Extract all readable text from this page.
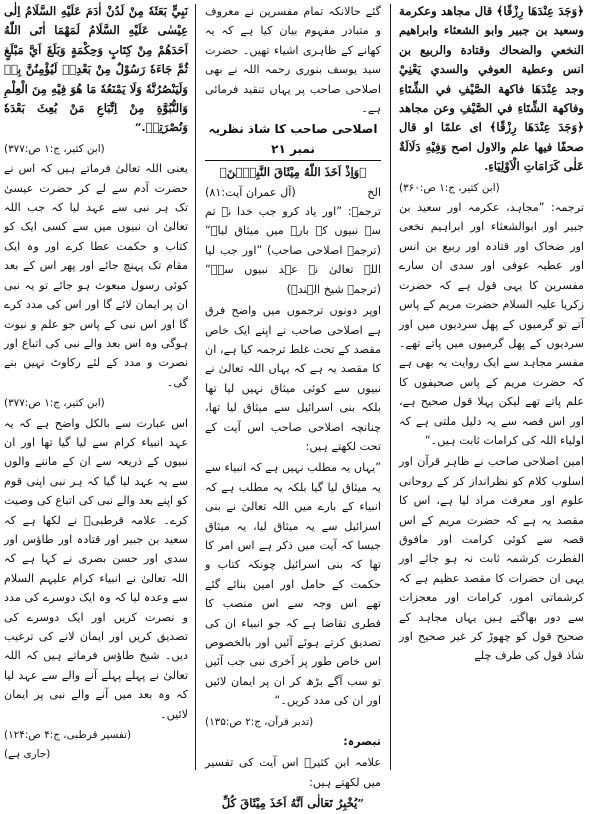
﴿وَجَدَ عِنْدَهَا رِزْقًا﴾ قال مجاهد وعكرمة وسعيد بن جبير وابو الشعثاء وابراهيم النخعي والضحاك وقتادة والربيع بن انس وعطية العوفي والسدي يَعْنِيْ وجد عِنْدَهَا فاكهة الصَّيْفِ في الشِّتَاءِ وفاكهة الشِّتَاءِ في الصَّيْفِ وعن مجاهد ﴿وَجَدَ عِنْدَهَا رِزْقًا﴾ اى علمًا او قال صحفًا فيها علم والاول اصح وَفِيْهِ دَلَالَةٌ عَلٰى كَرَامَاتِ الْاَوْلِيَاءِ.

(ابن کثیر، ج:۱ ص:۳۶۰)

ترجمہ: ”مجاہد، عکرمہ اور سعید بن جبیر اور ابوالشعثاء اور ابراہیم نخعی اور ضحاک اور قتادہ اور ربیع بن انس اور عطیہ عوفی اور سدی ان سارے مفسرین کا یہی قول ہے کہ حضرت زکریا علیہ السلام حضرت مریم کے پاس آتے تو گرمیوں کے پھل سردیوں میں اور سردیوں کے پھل گرمیوں میں پاتے تھے۔ مفسر مجاہد سے ایک روایت یہ بھی ہے کہ حضرت مریم کے پاس صحیفوں کا علم پاتے تھے لیکن پہلا قول صحیح ہے، اور اس قصہ سے یہ دلیل ملتی ہے کہ اولیاء اللہ کی کرامات ثابت ہیں۔“

امین اصلاحی صاحب نے ظاہر قرآن اور اسلوب کلام کو نظرانداز کر کے روحانی علوم اور معرفت مراد لیا ہے، اس کا مقصد یہ ہے کہ حضرت مریم کے اس قصہ سے کوئی کرامت اور مافوق الفطرت کرشمہ ثابت نہ ہو جائے اور یہی ان حضرات کا مقصد عظیم ہے کہ کرشماتی امور، کرامات اور معجزات سے دور بھاگتے ہیں یہاں مجاہد کے صحیح قول کو چھوڑ کر غیر صحیح اور شاذ قول کی طرف چلے

گئے حالانکہ تمام مفسرین نے معروف و متبادر مفہوم بیان کیا ہے کہ یہ کھانے کے ظاہری اشیاء تھیں۔ حضرت سید یوسف بنوری رحمہ اللہ نے بھی اصلاحی صاحب پر یہاں تنقید فرمائی ہے۔

اصلاحی صاحب کا شاذ نظریہ نمبر ۲۱
﴿وَاِذْ اَخَذَ اللّٰهُ مِيْثَاقَ النَّبِيّٖنَ﴾

الخ
(آل عمران آیت:۸۱)

ترجمہ: ”اور یاد کرو جب خدا نے تم سے نبیوں کے بارے میں میثاق لیا۔“ (ترجمہ اصلاحی صاحب) ”اور جب لیا اللہ تعالیٰ نے عہد نبیوں سے۔“ (ترجمہ شیخ الہندؒ)

اوپر دونوں ترجموں میں واضح فرق ہے اصلاحی صاحب نے اپنے ایک خاص مقصد کے تحت غلط ترجمہ کیا ہے، ان کا مقصد یہ ہے کہ یہاں اللہ تعالیٰ نے نبیوں سے کوئی میثاق نہیں لیا تھا بلکہ بنی اسرائیل سے میثاق لیا تھا، چنانچہ اصلاحی صاحب اس آیت کے تحت لکھتے ہیں:

”یہاں یہ مطلب نہیں ہے کہ انبیاء سے یہ میثاق لیا گیا بلکہ یہ مطلب ہے کہ انبیاء کے بارے میں اللہ تعالیٰ نے بنی اسرائیل سے یہ میثاق لیا، یہ میثاق جیسا کہ آیت میں ذکر ہے اس امر کا تھا کہ بنی اسرائیل چونکہ کتاب و حکمت کے حامل اور امین بنائے گئے تھے اس وجہ سے اس منصب کا فطری تقاضا ہے کہ جو انبیاء ان کی تصدیق کرتے ہوئے آئیں اور بالخصوص اس خاص طور پر آخری نبی جب آئیں تو سب آگے بڑھ کر ان پر ایمان لائیں اور ان کی مدد کریں۔“

(تدبر قرآن، ج:۲ ص:۱۳۵)

تبصرہ:

علامہ ابن کثیرؒ اس آیت کی تفسیر میں لکھتے ہیں:

”يُخْبِرُ تَعَالٰى اَنَّهُ اَخَذَ مِيْثَاقَ كُلِّ

نَبِيٍّ بَعَثَهٗ مِنْ لَدُنْ اٰدَمَ عَلَيْهِ السَّلَامُ اِلٰى عِيْسٰى عَلَيْهِ السَّلَامُ لَمَهْمَا اٰتَى اللّٰهُ اَحَدَهُمْ مِنْ كِتَابٍ وَحِكْمَةٍ وَبَلَغَ اَيَّ مَبْلَغٍ ثُمَّ جَاءَهٗ رَسُوْلٌ مِنْ بَعْدِهٖ لَيُؤْمِنُنَّ بِهٖ وَلَيَنْصُرُنَّهٗ وَلَا يَمْنَعُهٗ مَا هُوَ فِيْهِ مِنَ الْعِلْمِ وَالنُّبُوَّةِ مِنْ اِتِّبَاعِ مَنْ بُعِثَ بَعْدَهٗ وَنُصْرَتِهٖ.“

(ابن کثیر، ج:۱ ص:۳۷۷)

یعنی اللہ تعالیٰ فرماتے ہیں کہ اس نے حضرت آدم سے لے کر حضرت عیسیٰ تک ہر نبی سے عہد لیا کہ جب اللہ تعالیٰ ان نبیوں میں سے کسی ایک کو کتاب و حکمت عطا کرے اور وہ ایک مقام تک پہنچ جائے اور پھر اس کے بعد کوئی رسول مبعوث ہو جائے تو یہ نبی ان پر ایمان لائے گا اور اس کی مدد کرے گا اور اس نبی کے پاس جو علم و نبوت ہوگی وہ اس بعد والے نبی کی اتباع اور نصرت و مدد کے لئے رکاوٹ نہیں بنے گی۔

(ابن کثیر، ج:۱ ص:۳۷۷)

اس عبارت سے بالکل واضح ہے کہ یہ عہد انبیاء کرام سے لیا گیا تھا اور ان نبیوں کے ذریعہ سے ان کے ماننے والوں سے یہ عہد لیا گیا کہ ہر نبی اپنی قوم کو اپنے بعد والے نبی کی اتباع کی وصیت کرے۔ علامہ قرطبیؒ نے لکھا ہے کہ سعید بن جبیر اور قتادہ اور طاؤس اور سدی اور حسن بصری نے کہا ہے کہ اللہ تعالیٰ نے انبیاء کرام علیہم السلام سے وعدہ لیا کہ وہ ایک دوسرے کی مدد و نصرت کریں اور ایک دوسرے کی تصدیق کریں اور ایمان لانے کی ترغیب دیں۔ شیخ طاؤس فرماتے ہیں کہ اللہ تعالیٰ نے پہلے پہلے آنے والے سے عہد لیا کہ وہ بعد میں آنے والے نبی پر ایمان لائیں۔

(تفسیر قرطبی، ج:۴ ص:۱۲۴)
(جاری ہے)
